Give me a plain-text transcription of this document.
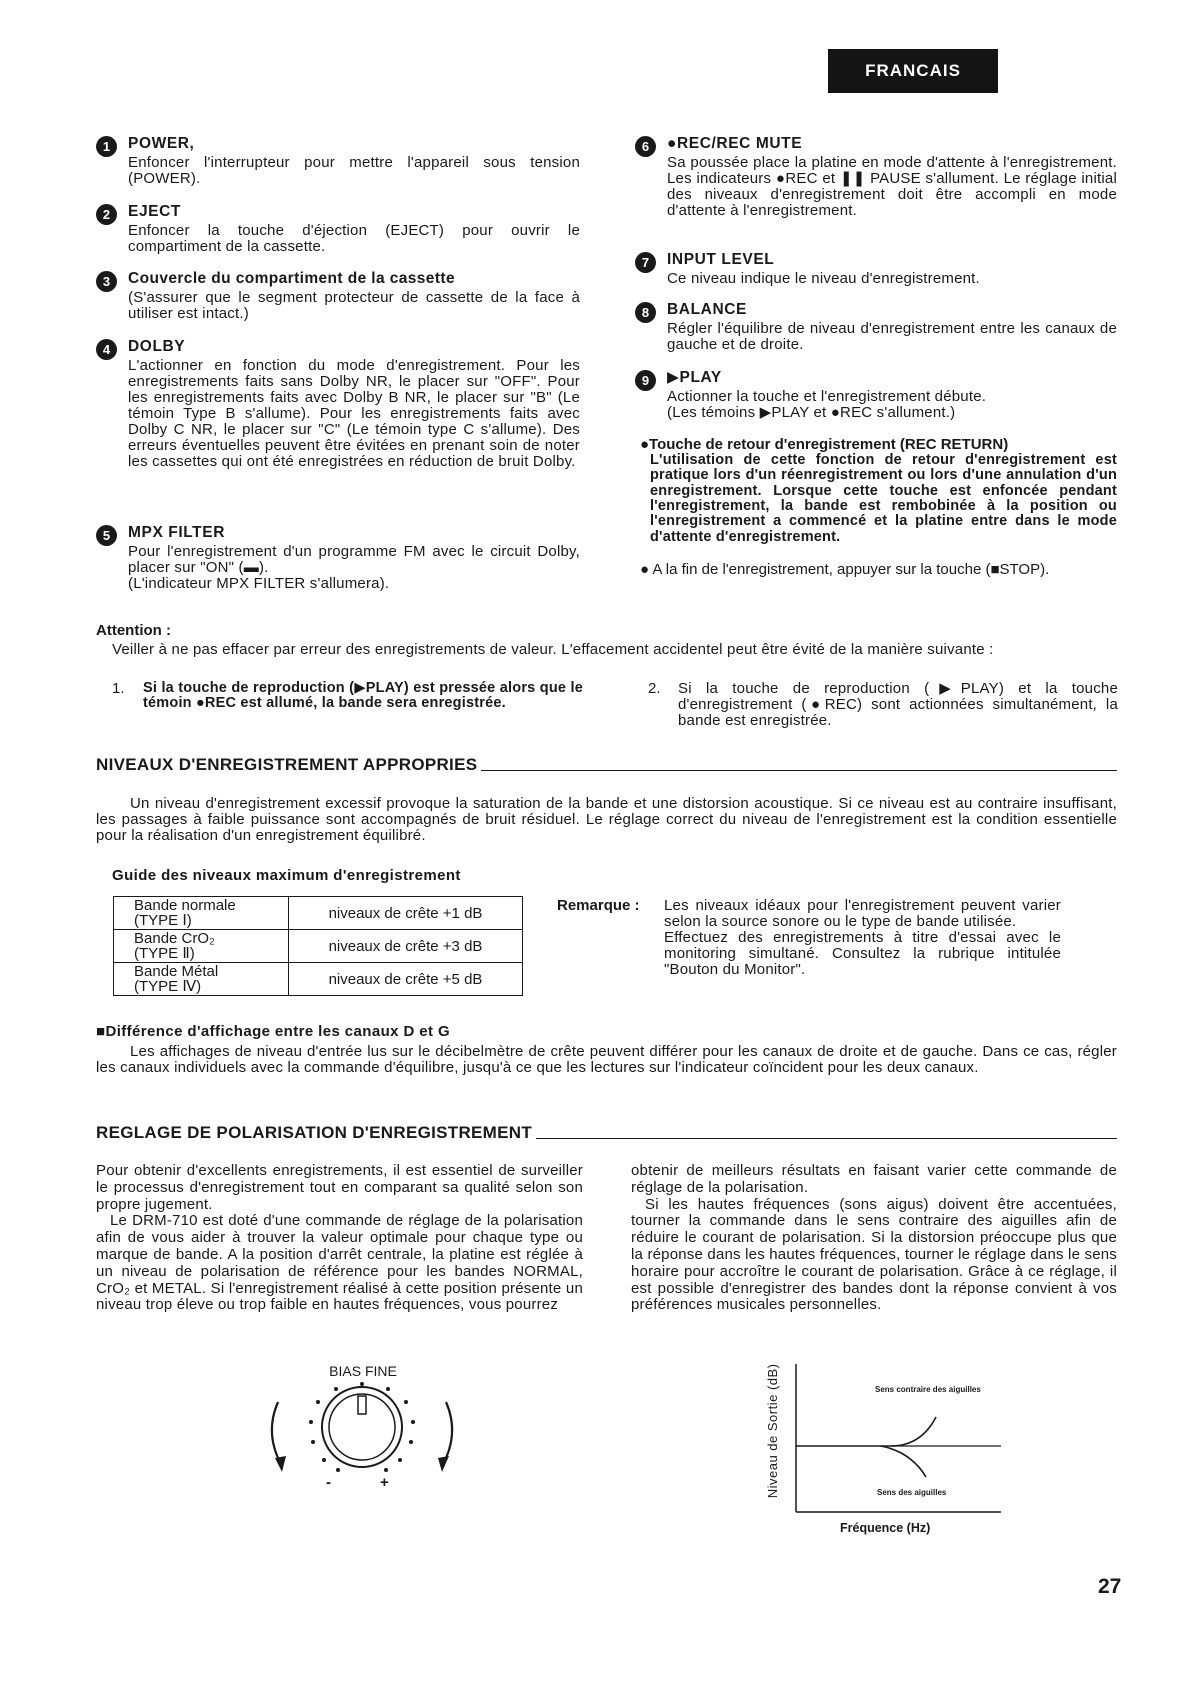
FRANCAIS
1	POWER,
Enfoncer l'interrupteur pour mettre l'appareil sous tension (POWER).
2	EJECT
Enfoncer la touche d'éjection (EJECT) pour ouvrir le compartiment de la cassette.
3	Couvercle du compartiment de la cassette
(S'assurer que le segment protecteur de cassette de la face à utiliser est intact.)
4	DOLBY
L'actionner en fonction du mode d'enregistrement. Pour les enregistrements faits sans Dolby NR, le placer sur "OFF". Pour les enregistrements faits avec Dolby B NR, le placer sur "B" (Le témoin Type B s'allume). Pour les enregistrements faits avec Dolby C NR, le placer sur "C" (Le témoin type C s'allume). Des erreurs éventuelles peuvent être évitées en prenant soin de noter les cassettes qui ont été enregistrées en réduction de bruit Dolby.
5	MPX FILTER
Pour l'enregistrement d'un programme FM avec le circuit Dolby, placer sur "ON" (▬).
(L'indicateur MPX FILTER s'allumera).
6	●REC/REC MUTE
Sa poussée place la platine en mode d'attente à l'enregistrement. Les indicateurs ●REC et ❚❚ PAUSE s'allument. Le réglage initial des niveaux d'enregistrement doit être accompli en mode d'attente à l'enregistrement.
7	INPUT LEVEL
Ce niveau indique le niveau d'enregistrement.
8	BALANCE
Régler l'équilibre de niveau d'enregistrement entre les canaux de gauche et de droite.
9	▶PLAY
Actionner la touche et l'enregistrement débute.
(Les témoins ▶PLAY et ●REC s'allument.)
●Touche de retour d'enregistrement (REC RETURN)
L'utilisation de cette fonction de retour d'enregistrement est pratique lors d'un réenregistrement ou lors d'une annulation d'un enregistrement. Lorsque cette touche est enfoncée pendant l'enregistrement, la bande est rembobinée à la position ou l'enregistrement a commencé et la platine entre dans le mode d'attente d'enregistrement.
● A la fin de l'enregistrement, appuyer sur la touche (■STOP).
Attention :
Veiller à ne pas effacer par erreur des enregistrements de valeur. L'effacement accidentel peut être évité de la manière suivante :
1. Si la touche de reproduction (▶PLAY) est pressée alors que le témoin ●REC est allumé, la bande sera enregistrée.
2. Si la touche de reproduction (▶PLAY) et la touche d'enregistrement (●REC) sont actionnées simultanément, la bande est enregistrée.
NIVEAUX D'ENREGISTREMENT APPROPRIES

Un niveau d'enregistrement excessif provoque la saturation de la bande et une distorsion acoustique. Si ce niveau est au contraire insuffisant, les passages à faible puissance sont accompagnés de bruit résiduel. Le réglage correct du niveau de l'enregistrement est la condition essentielle pour la réalisation d'un enregistrement équilibré.

Guide des niveaux maximum d'enregistrement
Bande normale
(TYPE Ⅰ)	niveaux de crête +1 dB

Bande CrO₂
(TYPE Ⅱ)	niveaux de crête +3 dB

Bande Métal
(TYPE Ⅳ)	niveaux de crête +5 dB
Remarque : Les niveaux idéaux pour l'enregistrement peuvent varier selon la source sonore ou le type de bande utilisée.
Effectuez des enregistrements à titre d'essai avec le monitoring simultané. Consultez la rubrique intitulée "Bouton du Monitor".
■Différence d'affichage entre les canaux D et G

Les affichages de niveau d'entrée lus sur le décibelmètre de crête peuvent différer pour les canaux de droite et de gauche. Dans ce cas, régler les canaux individuels avec la commande d'équilibre, jusqu'à ce que les lectures sur l'indicateur coïncident pour les deux canaux.

REGLAGE DE POLARISATION D'ENREGISTREMENT

Pour obtenir d'excellents enregistrements, il est essentiel de surveiller le processus d'enregistrement tout en comparant sa qualité selon son propre jugement.

Le DRM-710 est doté d'une commande de réglage de la polarisation afin de vous aider à trouver la valeur optimale pour chaque type ou marque de bande. A la position d'arrêt centrale, la platine est réglée à un niveau de polarisation de référence pour les bandes NORMAL, CrO₂ et METAL. Si l'enregistrement réalisé à cette position présente un niveau trop éleve ou trop faible en hautes fréquences, vous pourrez

obtenir de meilleurs résultats en faisant varier cette commande de réglage de la polarisation.

Si les hautes fréquences (sons aigus) doivent être accentuées, tourner la commande dans le sens contraire des aiguilles afin de réduire le courant de polarisation. Si la distorsion préoccupe plus que la réponse dans les hautes fréquences, tourner le réglage dans le sens horaire pour accroître le courant de polarisation. Grâce à ce réglage, il est possible d'enregistrer des bandes dont la réponse convient à vos préférences musicales personnelles.

BIAS FINE
-	+	Niveau de Sortie (dB)	Sens contraire des aiguilles
Sens des aiguilles
Fréquence (Hz)
27
